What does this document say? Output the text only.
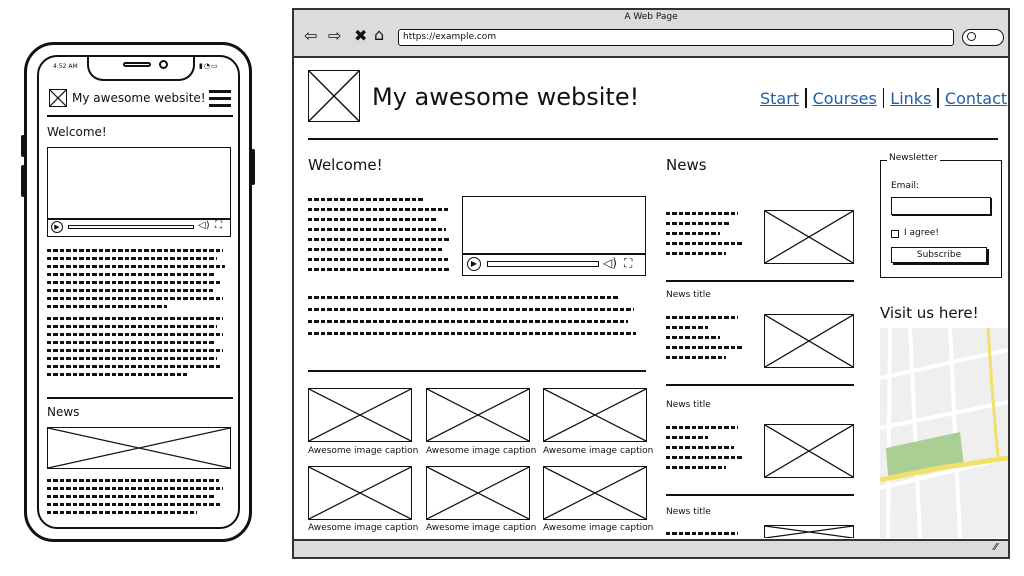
4:52 AM	▮◔▭
My awesome website!
Welcome!
▶	◁) ⛶
News
A Web Page
⇦ ⇨ ✖ ⌂	https://example.com
My awesome website!	Start Courses Links Contact
Welcome!
▶	◁) ⛶
Awesome image caption Awesome image caption Awesome image caption
Awesome image caption Awesome image caption Awesome image caption
News
News title
News title
News title
Newsletter
Email:
I agree!
Subscribe
Visit us here!
⁄⁄
